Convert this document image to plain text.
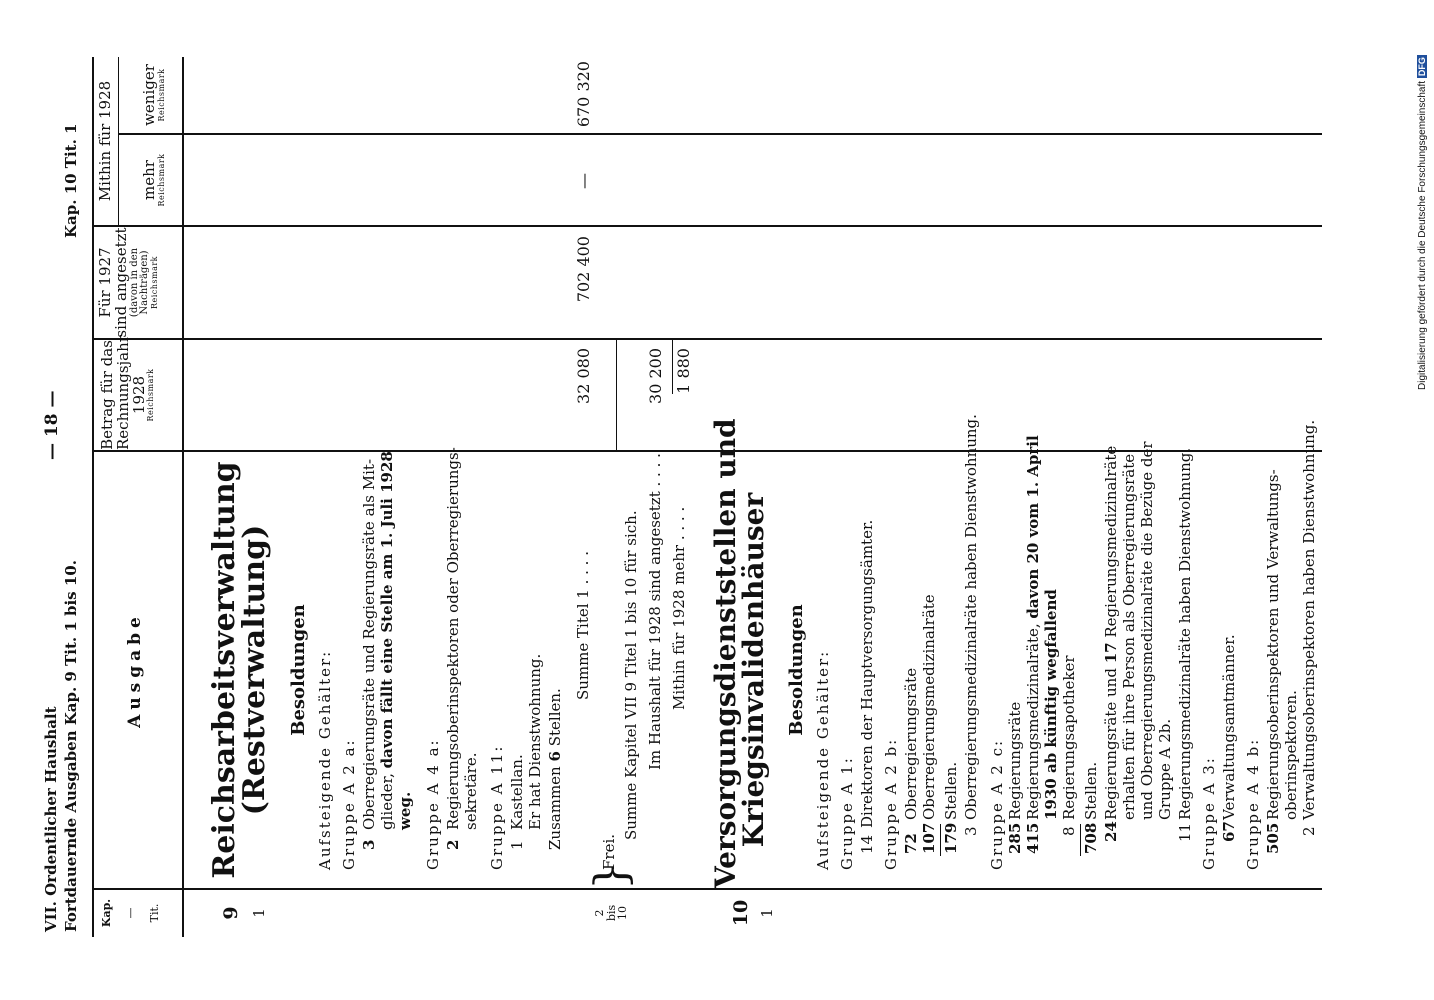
Digitalisierung gefördert durch die Deutsche Forschungsgemeinschaft DFG
VII. Ordentlicher Haushalt
— 18 —
Fortdauernde Ausgaben Kap. 9 Tit. 1 bis 10.
Kap. 10 Tit. 1
Kap. — Tit.
Ausgabe
Betrag für das
Rechnungsjahr
1928
Reichsmark
Für 1927
sind angesetzt
(davon in den Nachträgen) Reichsmark
Mithin für 1928 mehr
Reichsmark
weniger
Reichsmark
9 1
Reichsarbeitsverwaltung
(Restverwaltung) Besoldungen Aufsteigende Gehälter: Gruppe A 2 a: 3
Oberregierungsräte und Regierungsräte als Mit- glieder, davon fällt eine Stelle am 1. Juli 1928
weg. Gruppe A 4 a: 2
Regierungsoberinspektoren oder Oberregierungs- sekretäre. Gruppe A 11: 1
Kastellan. Er hat Dienstwohnung. Zusammen 6 Stellen.
Summe Titel 1 . . . .
32 080
702 400
—
670 320
2
bis
10
}
Frei.
Summe Kapitel VII 9 Titel 1 bis 10 für sich. Im Haushalt für 1928 sind angesetzt . . . .
30 200
Mithin für 1928 mehr . . . .
1 880
10 1
Versorgungsdienststellen und
Kriegsinvalidenhäuser Besoldungen Aufsteigende Gehälter: Gruppe A 1: 14
Direktoren der Hauptversorgungsämter. Gruppe A 2 b: 72
Oberregierungsräte
107
Oberregierungsmedizinalräte
179
Stellen.
3
Oberregierungsmedizinalräte haben Dienstwohnung. Gruppe A 2 c: 285
Regierungsräte
415
Regierungsmedizinalräte, davon 20 vom 1. April
1930 ab künftig wegfallend
8
Regierungsapotheker
708
Stellen.
24
Regierungsräte und 17 Regierungsmedizinalräte erhalten für ihre Person als Oberregierungsräte und Oberregierungsmedizinalräte die Bezüge der Gruppe A 2b.
11
Regierungsmedizinalräte haben Dienstwohnung. Gruppe A 3: 67
Verwaltungsamtmänner. Gruppe A 4 b: 505
Regierungsoberinspektoren und Verwaltungs- oberinspektoren.
2
Verwaltungsoberinspektoren haben Dienstwohnung.
